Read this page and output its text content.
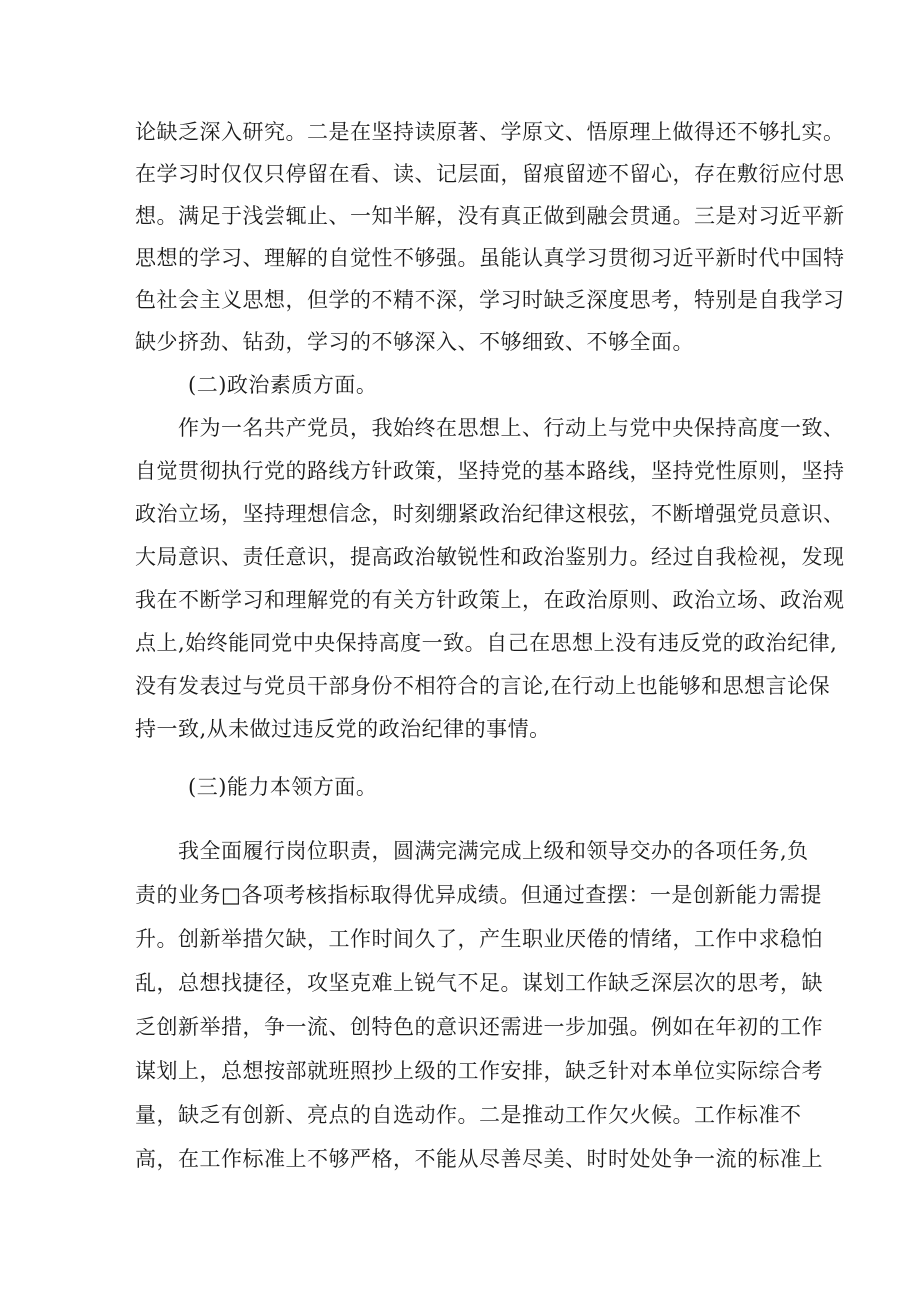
论缺乏深入研究。二是在坚持读原著、学原文、悟原理上做得还不够扎实。
在学习时仅仅只停留在看、读、记层面，留痕留迹不留心，存在敷衍应付思
想。满足于浅尝辄止、一知半解，没有真正做到融会贯通。三是对习近平新
思想的学习、理解的自觉性不够强。虽能认真学习贯彻习近平新时代中国特
色社会主义思想，但学的不精不深，学习时缺乏深度思考，特别是自我学习
缺少挤劲、钻劲，学习的不够深入、不够细致、不够全面。
(二)政治素质方面。
作为一名共产党员，我始终在思想上、行动上与党中央保持高度一致、
自觉贯彻执行党的路线方针政策，坚持党的基本路线，坚持党性原则，坚持
政治立场，坚持理想信念，时刻绷紧政治纪律这根弦，不断增强党员意识、
大局意识、责任意识，提高政治敏锐性和政治鉴别力。经过自我检视，发现
我在不断学习和理解党的有关方针政策上，在政治原则、政治立场、政治观
点上,始终能同党中央保持高度一致。自己在思想上没有违反党的政治纪律,
没有发表过与党员干部身份不相符合的言论,在行动上也能够和思想言论保
持一致,从未做过违反党的政治纪律的事情。
(三)能力本领方面。
我全面履行岗位职责，圆满完满完成上级和领导交办的各项任务,负
责的业务□各项考核指标取得优异成绩。但通过查摆：一是创新能力需提
升。创新举措欠缺，工作时间久了，产生职业厌倦的情绪，工作中求稳怕
乱，总想找捷径，攻坚克难上锐气不足。谋划工作缺乏深层次的思考，缺
乏创新举措，争一流、创特色的意识还需进一步加强。例如在年初的工作
谋划上，总想按部就班照抄上级的工作安排，缺乏针对本单位实际综合考
量，缺乏有创新、亮点的自选动作。二是推动工作欠火候。工作标准不
高，在工作标准上不够严格，不能从尽善尽美、时时处处争一流的标准上
